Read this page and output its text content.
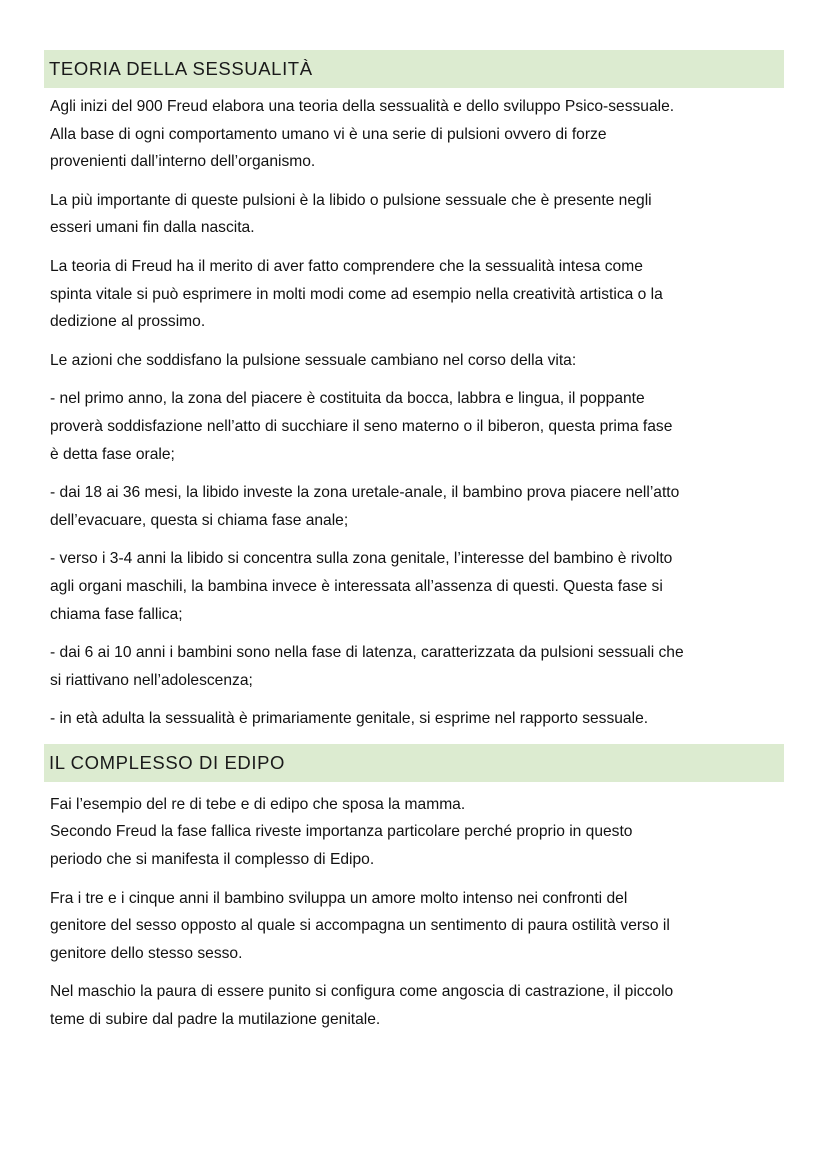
TEORIA DELLA SESSUALITÀ

Agli inizi del 900 Freud elabora una teoria della sessualità e dello sviluppo Psico-sessuale.
Alla base di ogni comportamento umano vi è una serie di pulsioni ovvero di forze
provenienti dall’interno dell’organismo.

La più importante di queste pulsioni è la libido o pulsione sessuale che è presente negli
esseri umani fin dalla nascita.

La teoria di Freud ha il merito di aver fatto comprendere che la sessualità intesa come
spinta vitale si può esprimere in molti modi come ad esempio nella creatività artistica o la
dedizione al prossimo.

Le azioni che soddisfano la pulsione sessuale cambiano nel corso della vita:

- nel primo anno, la zona del piacere è costituita da bocca, labbra e lingua, il poppante
proverà soddisfazione nell’atto di succhiare il seno materno o il biberon, questa prima fase
è detta fase orale;

- dai 18 ai 36 mesi, la libido investe la zona uretale-anale, il bambino prova piacere nell’atto
dell’evacuare, questa si chiama fase anale;

- verso i 3-4 anni la libido si concentra sulla zona genitale, l’interesse del bambino è rivolto
agli organi maschili, la bambina invece è interessata all’assenza di questi. Questa fase si
chiama fase fallica;

- dai 6 ai 10 anni i bambini sono nella fase di latenza, caratterizzata da pulsioni sessuali che
si riattivano nell’adolescenza;

- in età adulta la sessualità è primariamente genitale, si esprime nel rapporto sessuale.

IL COMPLESSO DI EDIPO

Fai l’esempio del re di tebe e di edipo che sposa la mamma.
Secondo Freud la fase fallica riveste importanza particolare perché proprio in questo
periodo che si manifesta il complesso di Edipo.

Fra i tre e i cinque anni il bambino sviluppa un amore molto intenso nei confronti del
genitore del sesso opposto al quale si accompagna un sentimento di paura ostilità verso il
genitore dello stesso sesso.

Nel maschio la paura di essere punito si configura come angoscia di castrazione, il piccolo
teme di subire dal padre la mutilazione genitale.
